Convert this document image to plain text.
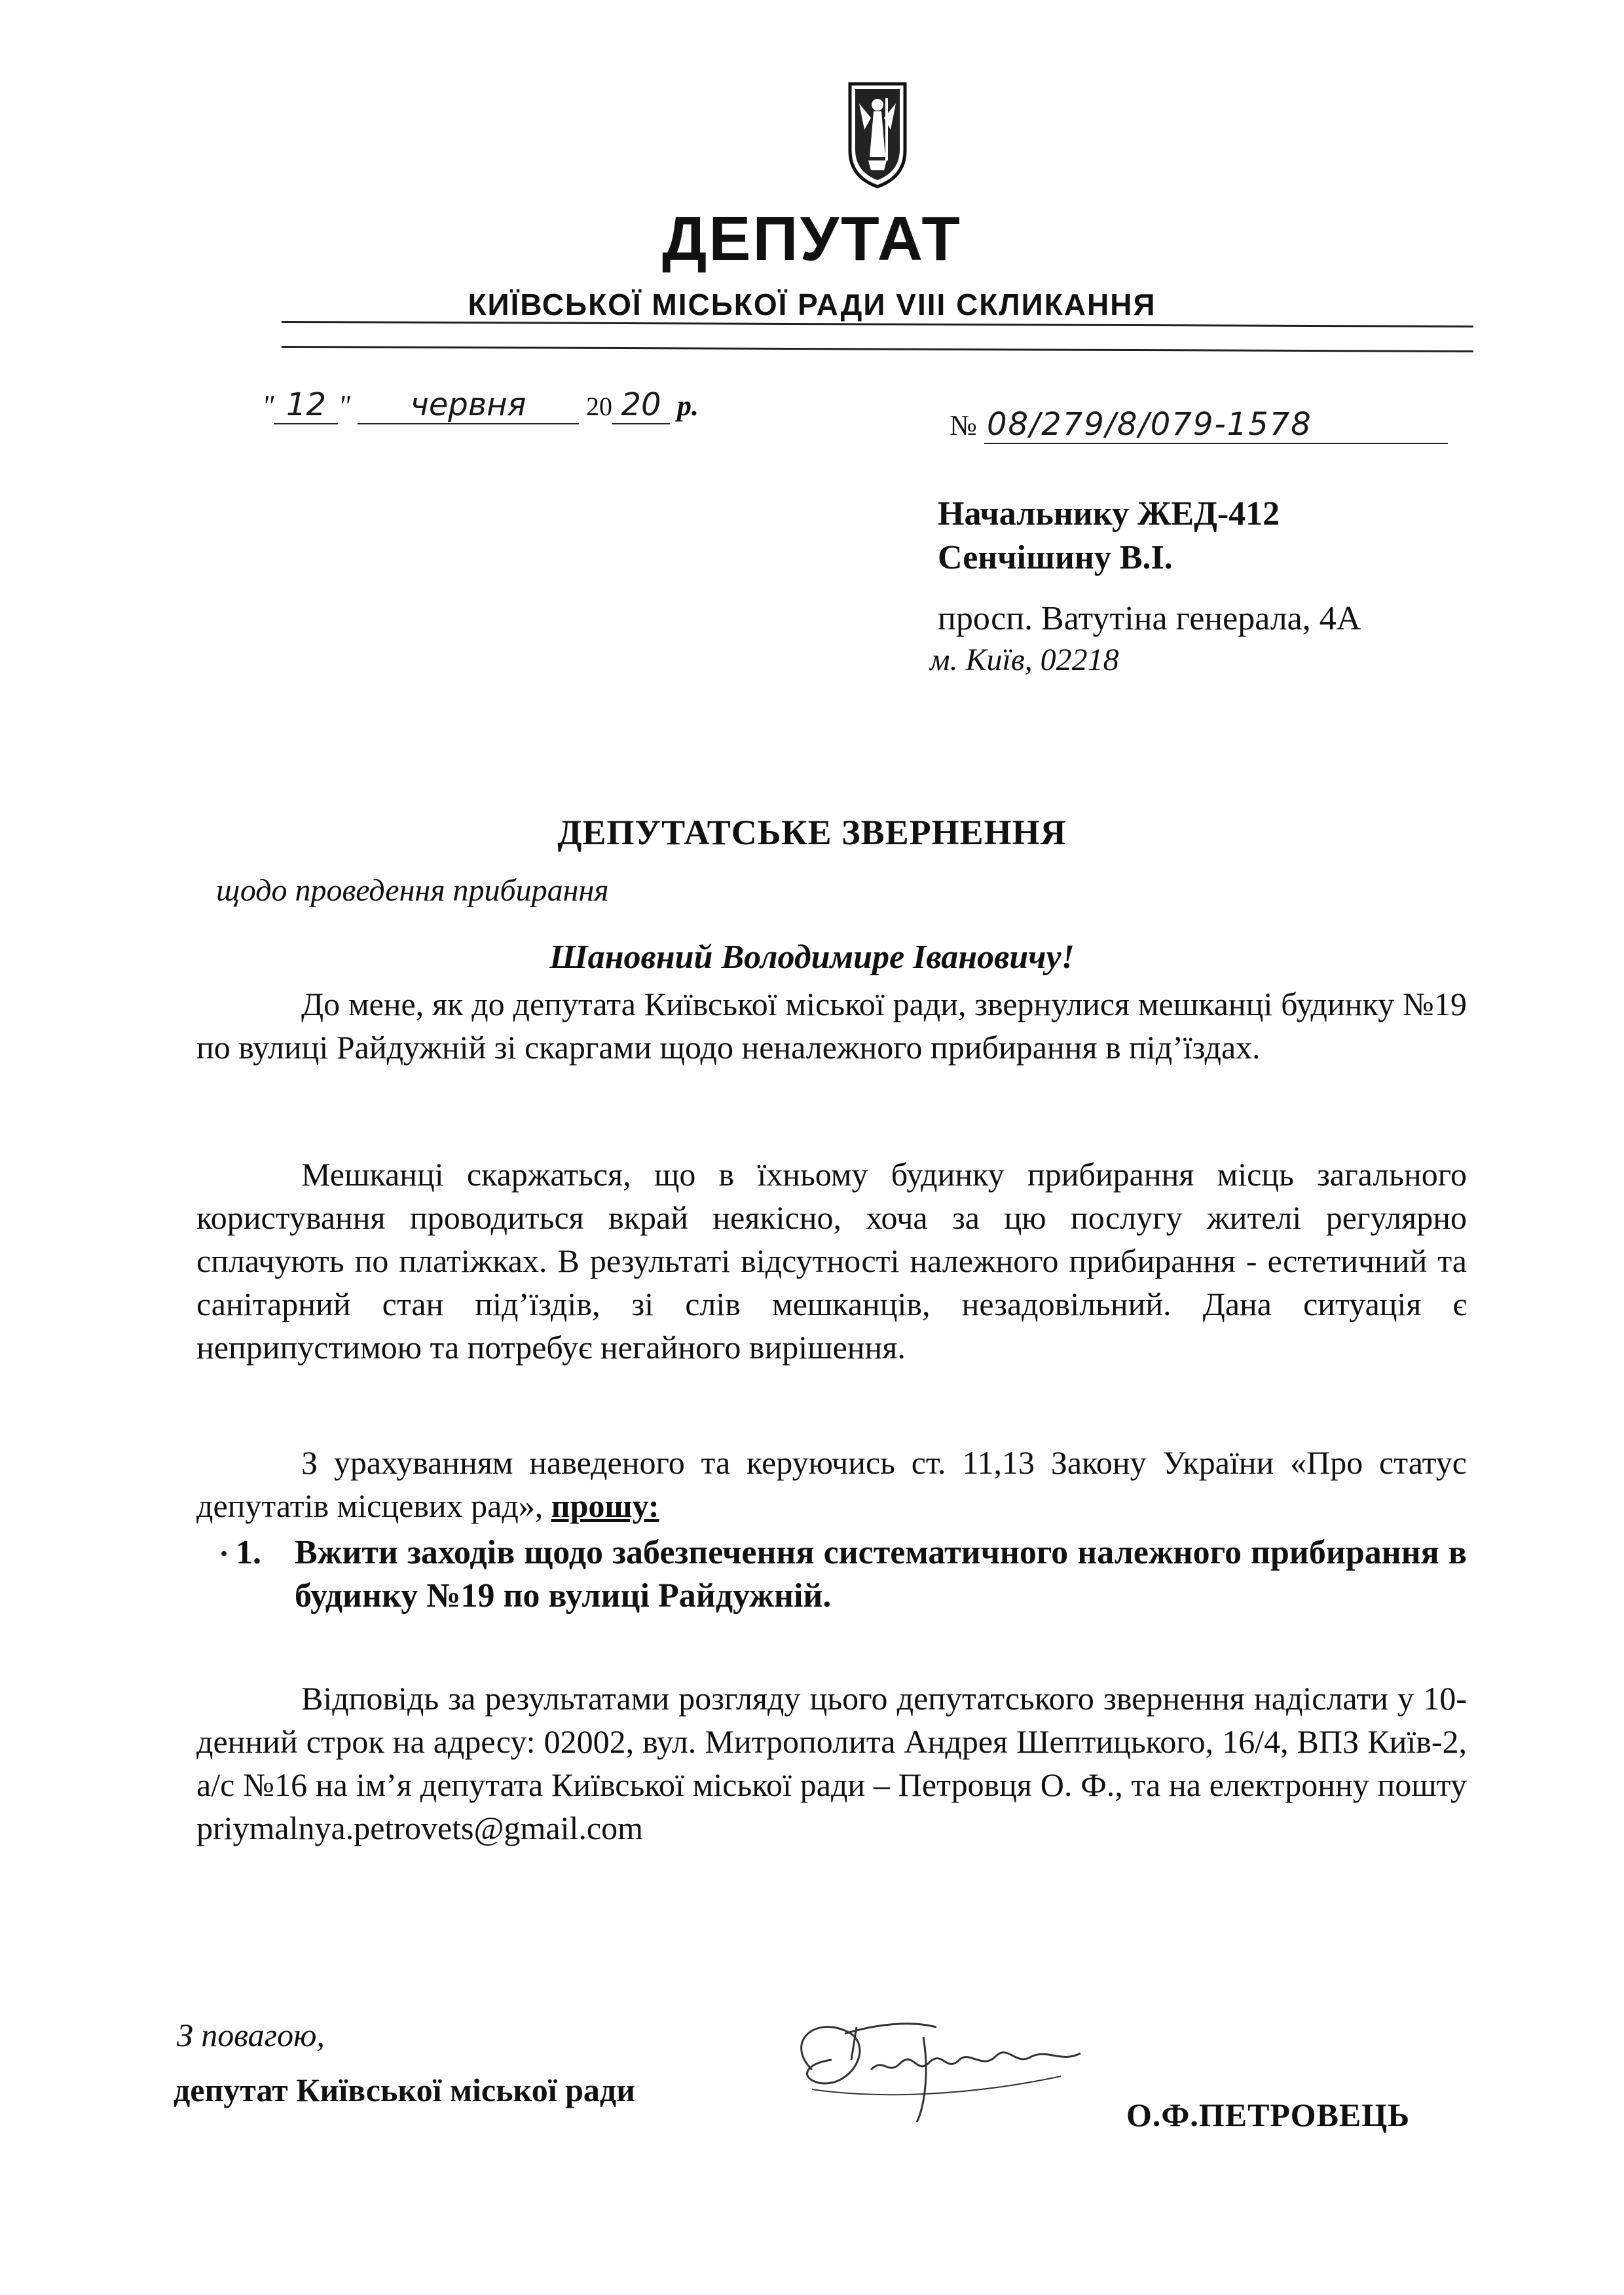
ДЕПУТАТ
КИЇВСЬКОЇ МІСЬКОЇ РАДИ VIII СКЛИКАННЯ
" 12 " червня 20 20 р.
№ 08/279/8/079-1578
Начальнику ЖЕД-412
Сенчішину В.І.
просп. Ватутіна генерала, 4А
м. Київ, 02218
ДЕПУТАТСЬКЕ ЗВЕРНЕННЯ
щодо проведення прибирання
Шановний Володимире Івановичу!

До мене, як до депутата Київської міської ради, звернулися мешканці будинку №19 по вулиці Райдужній зі скаргами щодо неналежного прибирання в під’їздах.

Мешканці скаржаться, що в їхньому будинку прибирання місць загального користування проводиться вкрай неякісно, хоча за цю послугу жителі регулярно сплачують по платіжках. В результаті відсутності належного прибирання - естетичний та санітарний стан під’їздів, зі слів мешканців, незадовільний. Дана ситуація є неприпустимою та потребує негайного вирішення.

З урахуванням наведеного та керуючись ст. 11,13 Закону України «Про статус депутатів місцевих рад», прошу:

1. Вжити заходів щодо забезпечення систематичного належного прибирання в будинку №19 по вулиці Райдужній.

Відповідь за результатами розгляду цього депутатського звернення надіслати у 10-денний строк на адресу: 02002, вул. Митрополита Андрея Шептицького, 16/4, ВПЗ Київ-2, а/с №16 на ім’я депутата Київської міської ради – Петровця О. Ф., та на електронну пошту priymalnya.petrovets@gmail.com

З повагою,
депутат Київської міської ради
О.Ф.ПЕТРОВЕЦЬ
